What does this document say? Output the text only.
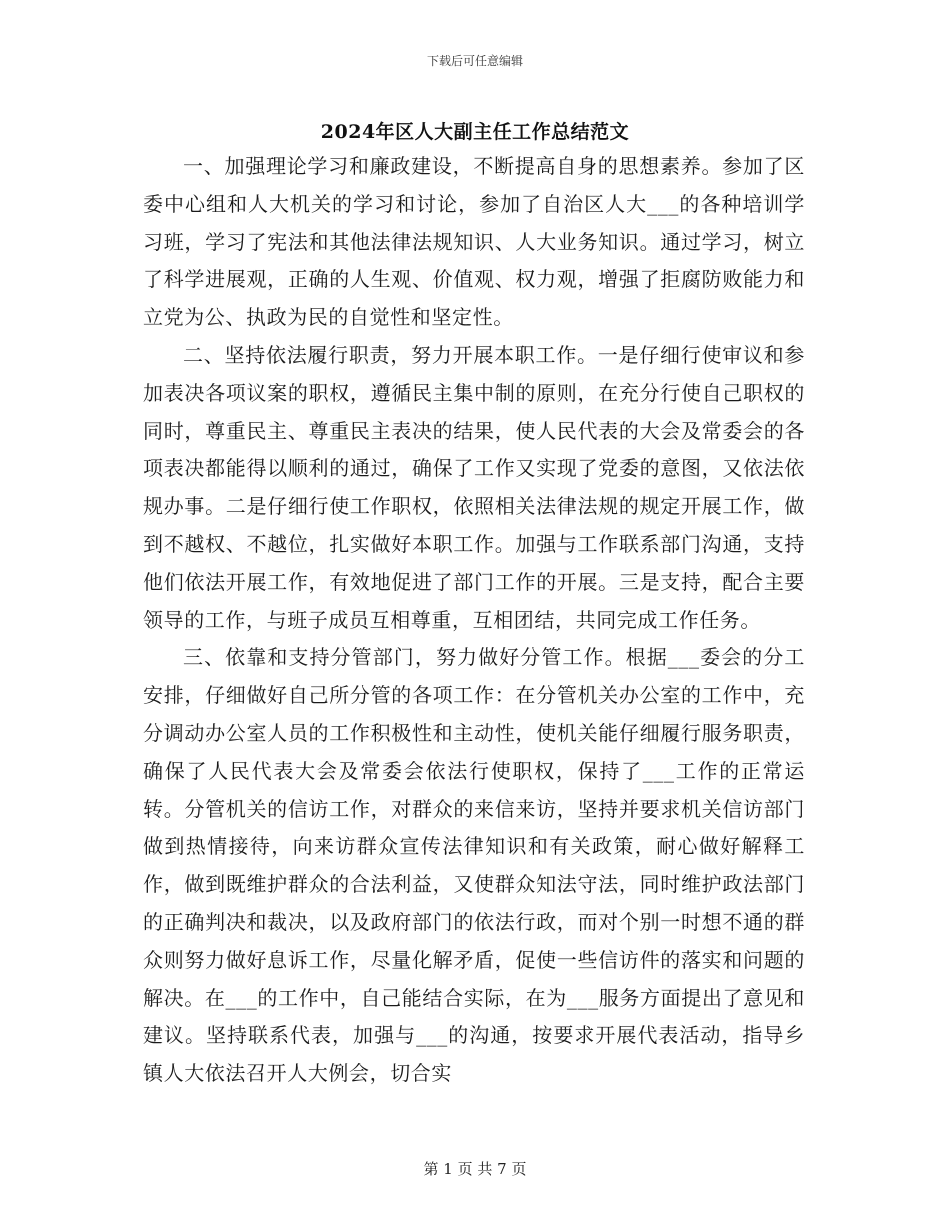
下载后可任意编辑
2024年区人大副主任工作总结范文

一、加强理论学习和廉政建设，不断提高自身的思想素养。参加了区委中心组和人大机关的学习和讨论，参加了自治区人大___的各种培训学习班，学习了宪法和其他法律法规知识、人大业务知识。通过学习，树立了科学进展观，正确的人生观、价值观、权力观，增强了拒腐防败能力和立党为公、执政为民的自觉性和坚定性。

二、坚持依法履行职责，努力开展本职工作。一是仔细行使审议和参加表决各项议案的职权，遵循民主集中制的原则，在充分行使自己职权的同时，尊重民主、尊重民主表决的结果，使人民代表的大会及常委会的各项表决都能得以顺利的通过，确保了工作又实现了党委的意图，又依法依规办事。二是仔细行使工作职权，依照相关法律法规的规定开展工作，做到不越权、不越位，扎实做好本职工作。加强与工作联系部门沟通，支持他们依法开展工作，有效地促进了部门工作的开展。三是支持，配合主要领导的工作，与班子成员互相尊重，互相团结，共同完成工作任务。

三、依靠和支持分管部门，努力做好分管工作。根据___委会的分工安排，仔细做好自己所分管的各项工作：在分管机关办公室的工作中，充分调动办公室人员的工作积极性和主动性，使机关能仔细履行服务职责，确保了人民代表大会及常委会依法行使职权，保持了___工作的正常运转。分管机关的信访工作，对群众的来信来访，坚持并要求机关信访部门做到热情接待，向来访群众宣传法律知识和有关政策，耐心做好解释工作，做到既维护群众的合法利益，又使群众知法守法，同时维护政法部门的正确判决和裁决，以及政府部门的依法行政，而对个别一时想不通的群众则努力做好息诉工作，尽量化解矛盾，促使一些信访件的落实和问题的解决。在___的工作中，自己能结合实际，在为___服务方面提出了意见和建议。坚持联系代表，加强与___的沟通，按要求开展代表活动，指导乡镇人大依法召开人大例会，切合实

第 1 页 共 7 页
